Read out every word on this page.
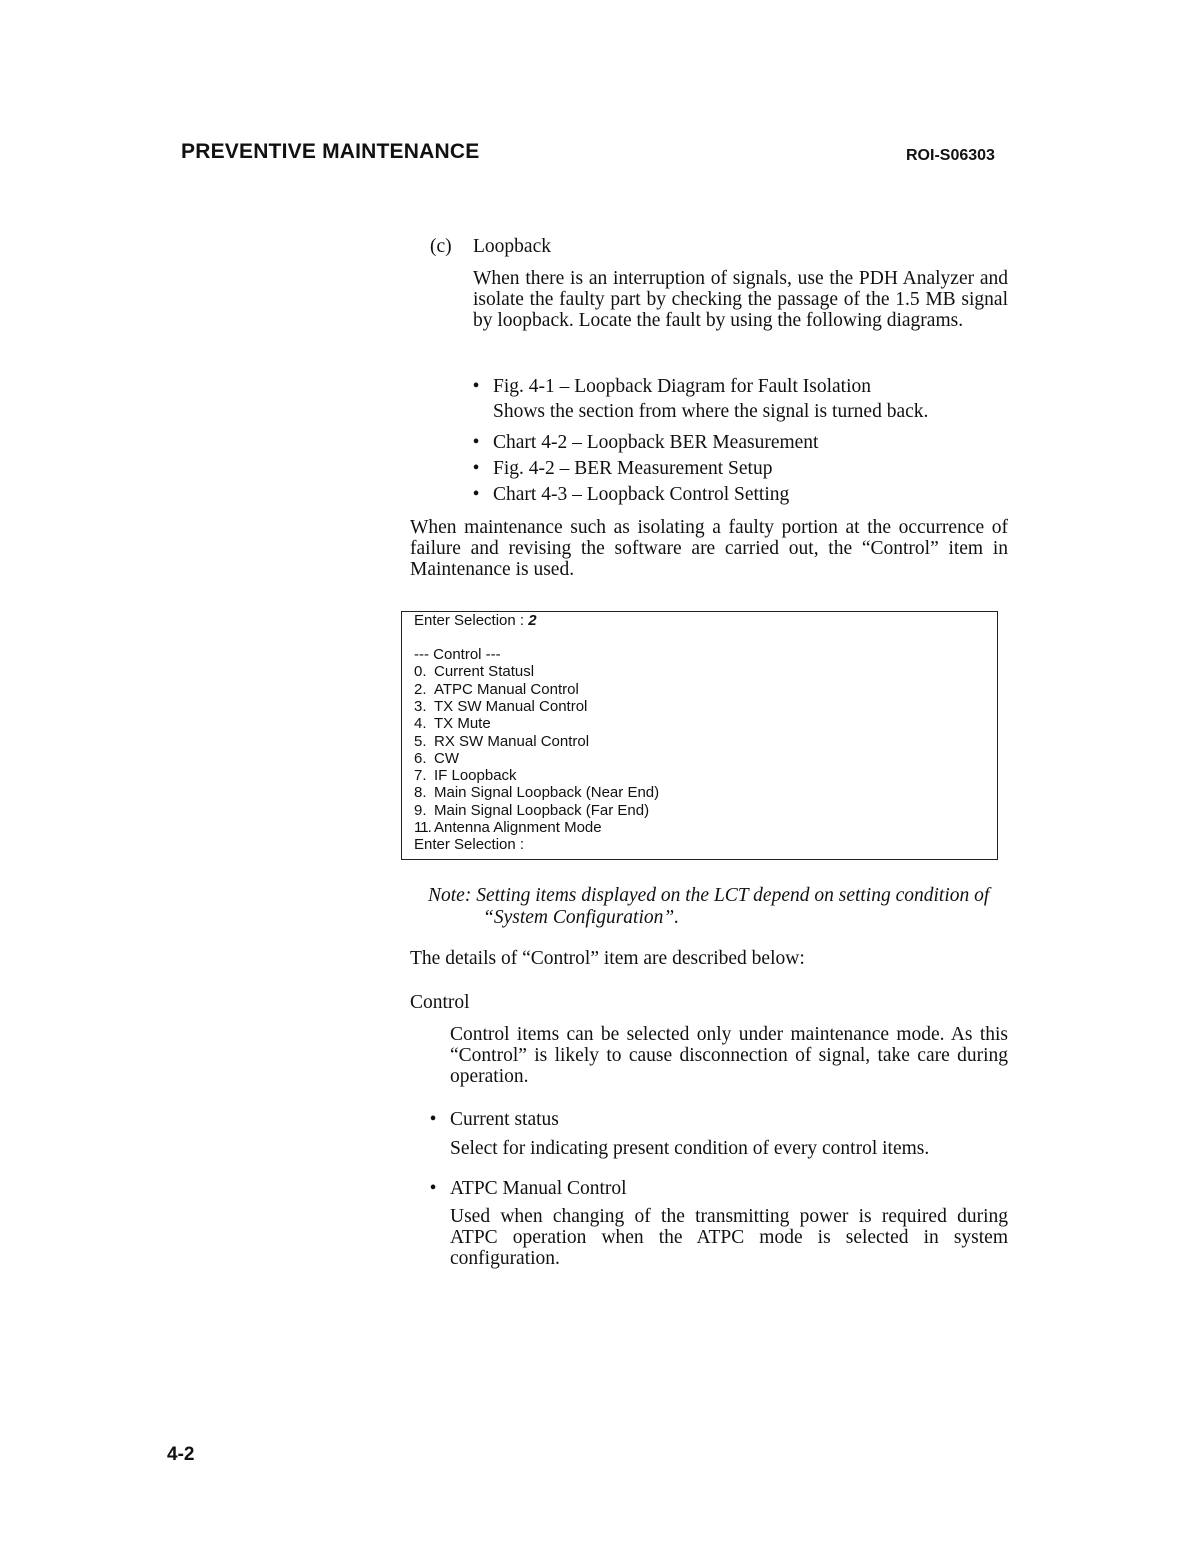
PREVENTIVE MAINTENANCE	ROI-S06303
(c) Loopback
When there is an interruption of signals, use the PDH Analyzer and isolate the faulty part by checking the passage of the 1.5 MB signal by loopback. Locate the fault by using the following diagrams.
• Fig. 4-1 – Loopback Diagram for Fault Isolation
Shows the section from where the signal is turned back.
• Chart 4-2 – Loopback BER Measurement
• Fig. 4-2 – BER Measurement Setup
• Chart 4-3 – Loopback Control Setting
When maintenance such as isolating a faulty portion at the occurrence of failure and revising the software are carried out, the “Control” item in Maintenance is used.
Enter Selection : 2
--- Control ---
0. Current Statusl
2. ATPC Manual Control
3. TX SW Manual Control
4. TX Mute
5. RX SW Manual Control
6. CW
7. IF Loopback
8. Main Signal Loopback (Near End)
9. Main Signal Loopback (Far End)
11. Antenna Alignment Mode
Enter Selection :
Note: Setting items displayed on the LCT depend on setting condition of
“System Configuration”.
The details of “Control” item are described below:
Control
Control items can be selected only under maintenance mode. As this “Control” is likely to cause disconnection of signal, take care during operation.
• Current status
Select for indicating present condition of every control items.
• ATPC Manual Control
Used when changing of the transmitting power is required during ATPC operation when the ATPC mode is selected in system configuration.
4-2
